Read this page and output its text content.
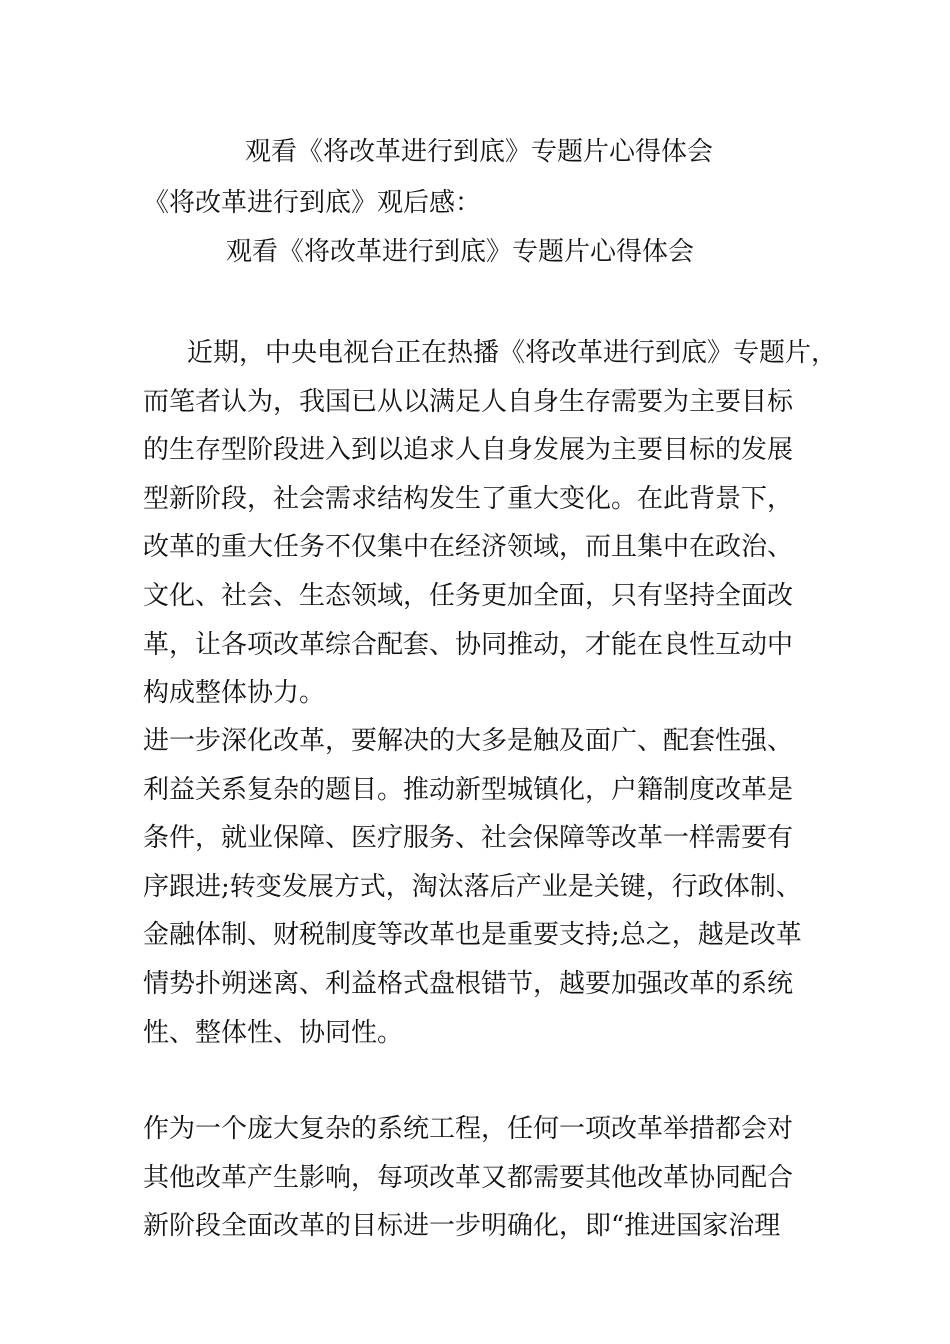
观看《将改革进行到底》专题片心得体会
《将改革进行到底》观后感：
观看《将改革进行到底》专题片心得体会
近期，中央电视台正在热播《将改革进行到底》专题片，
而笔者认为，我国已从以满足人自身生存需要为主要目标
的生存型阶段进入到以追求人自身发展为主要目标的发展
型新阶段，社会需求结构发生了重大变化。在此背景下，
改革的重大任务不仅集中在经济领域，而且集中在政治、
文化、社会、生态领域，任务更加全面，只有坚持全面改
革，让各项改革综合配套、协同推动，才能在良性互动中
构成整体协力。
进一步深化改革，要解决的大多是触及面广、配套性强、
利益关系复杂的题目。推动新型城镇化，户籍制度改革是
条件，就业保障、医疗服务、社会保障等改革一样需要有
序跟进;转变发展方式，淘汰落后产业是关键，行政体制、
金融体制、财税制度等改革也是重要支持;总之，越是改革
情势扑朔迷离、利益格式盘根错节，越要加强改革的系统
性、整体性、协同性。
作为一个庞大复杂的系统工程，任何一项改革举措都会对
其他改革产生影响，每项改革又都需要其他改革协同配合
新阶段全面改革的目标进一步明确化，即“推进国家治理
